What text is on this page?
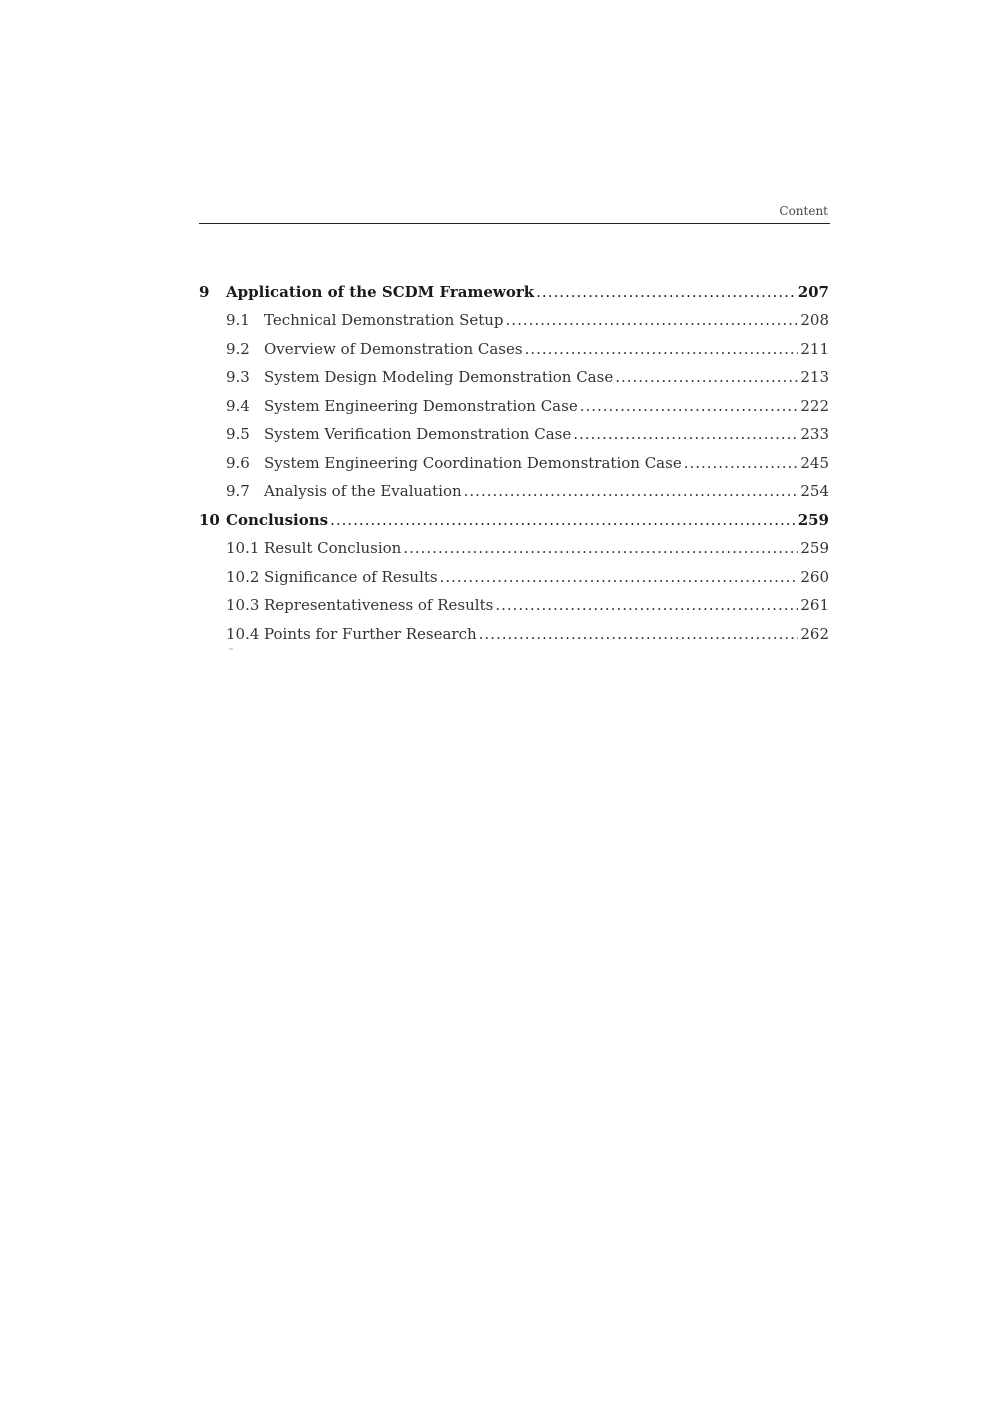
Content
9	Application of the SCDM Framework .....	207
9.1 Technical Demonstration Setup .....	208
9.2 Overview of Demonstration Cases .....	211
9.3 System Design Modeling Demonstration Case .....	213
9.4 System Engineering Demonstration Case .....	222
9.5 System Verification Demonstration Case .....	233
9.6 System Engineering Coordination Demonstration Case .....	245
9.7 Analysis of the Evaluation .....	254
10 Conclusions .....	259
10.1 Result Conclusion .....	259
10.2 Significance of Results .....	260
10.3 Representativeness of Results .....	261
10.4 Points for Further Research .....	262
